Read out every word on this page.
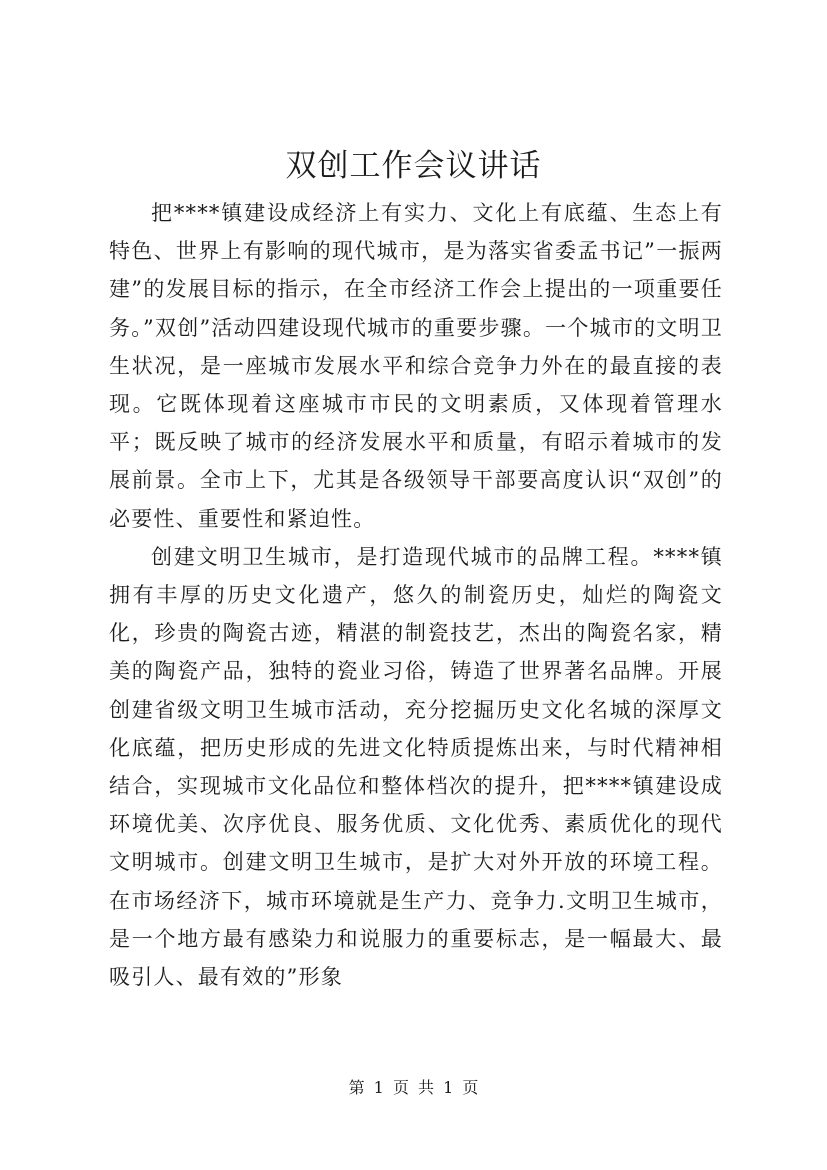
双创工作会议讲话

把****镇建设成经济上有实力、文化上有底蕴、生态上有特色、世界上有影响的现代城市，是为落实省委孟书记”一振两建”的发展目标的指示，在全市经济工作会上提出的一项重要任务。”双创”活动四建设现代城市的重要步骤。一个城市的文明卫生状况，是一座城市发展水平和综合竞争力外在的最直接的表现。它既体现着这座城市市民的文明素质，又体现着管理水平；既反映了城市的经济发展水平和质量，有昭示着城市的发展前景。全市上下，尤其是各级领导干部要高度认识“双创”的必要性、重要性和紧迫性。

创建文明卫生城市，是打造现代城市的品牌工程。****镇拥有丰厚的历史文化遗产，悠久的制瓷历史，灿烂的陶瓷文化，珍贵的陶瓷古迹，精湛的制瓷技艺，杰出的陶瓷名家，精美的陶瓷产品，独特的瓷业习俗，铸造了世界著名品牌。开展创建省级文明卫生城市活动，充分挖掘历史文化名城的深厚文化底蕴，把历史形成的先进文化特质提炼出来，与时代精神相结合，实现城市文化品位和整体档次的提升，把****镇建设成环境优美、次序优良、服务优质、文化优秀、素质优化的现代文明城市。创建文明卫生城市，是扩大对外开放的环境工程。在市场经济下，城市环境就是生产力、竞争力.文明卫生城市，是一个地方最有感染力和说服力的重要标志，是一幅最大、最吸引人、最有效的”形象

第 1 页 共 1 页
